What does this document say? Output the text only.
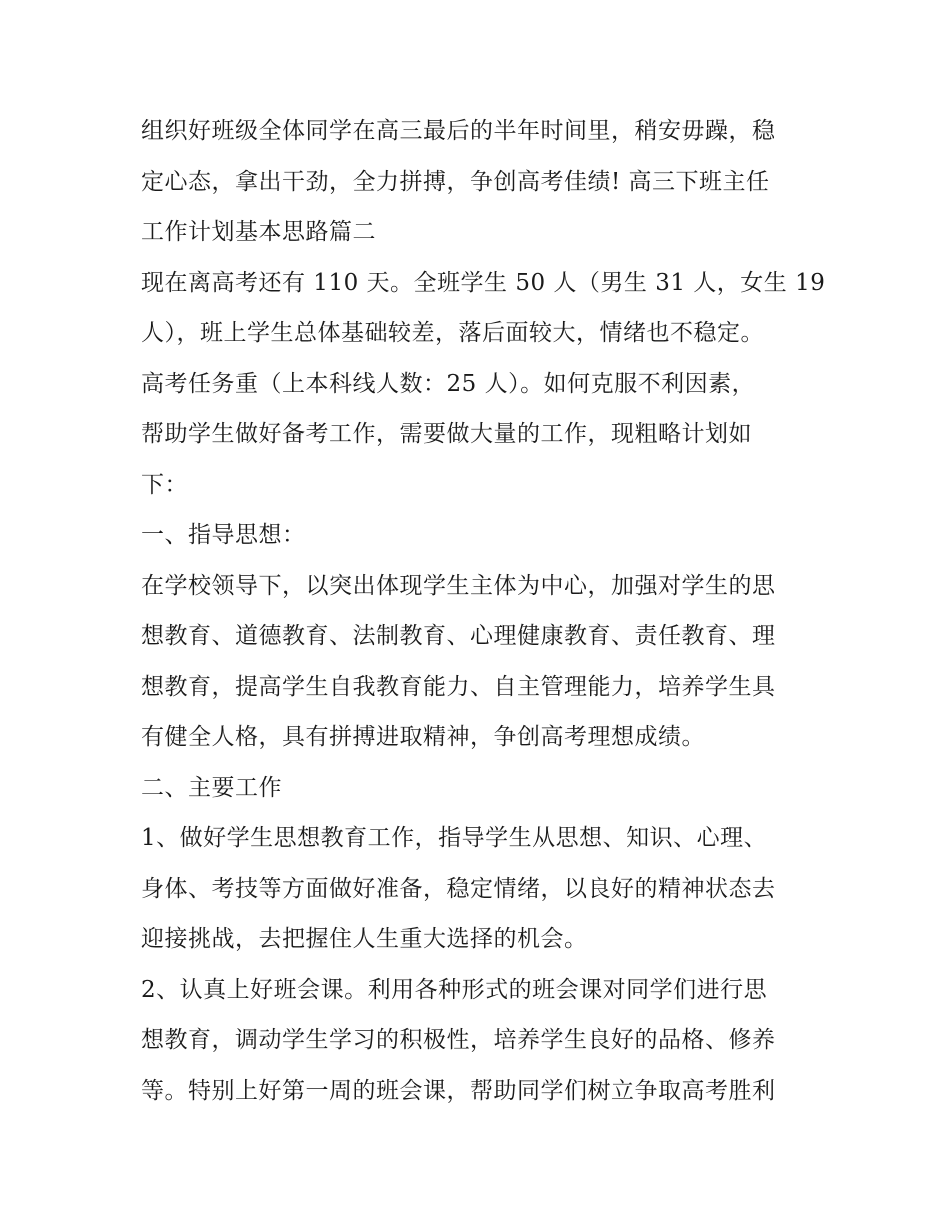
组织好班级全体同学在高三最后的半年时间里，稍安毋躁，稳
定心态，拿出干劲，全力拼搏，争创高考佳绩! 高三下班主任
工作计划基本思路篇二
现在离高考还有 110 天。全班学生 50 人（男生 31 人，女生 19
人），班上学生总体基础较差，落后面较大，情绪也不稳定。
高考任务重（上本科线人数：25 人）。如何克服不利因素，
帮助学生做好备考工作，需要做大量的工作，现粗略计划如
下：
一、指导思想：
在学校领导下，以突出体现学生主体为中心，加强对学生的思
想教育、道德教育、法制教育、心理健康教育、责任教育、理
想教育，提高学生自我教育能力、自主管理能力，培养学生具
有健全人格，具有拼搏进取精神，争创高考理想成绩。
二、主要工作
1、做好学生思想教育工作，指导学生从思想、知识、心理、
身体、考技等方面做好准备，稳定情绪，以良好的精神状态去
迎接挑战，去把握住人生重大选择的机会。
2、认真上好班会课。利用各种形式的班会课对同学们进行思
想教育，调动学生学习的积极性，培养学生良好的品格、修养
等。特别上好第一周的班会课，帮助同学们树立争取高考胜利
